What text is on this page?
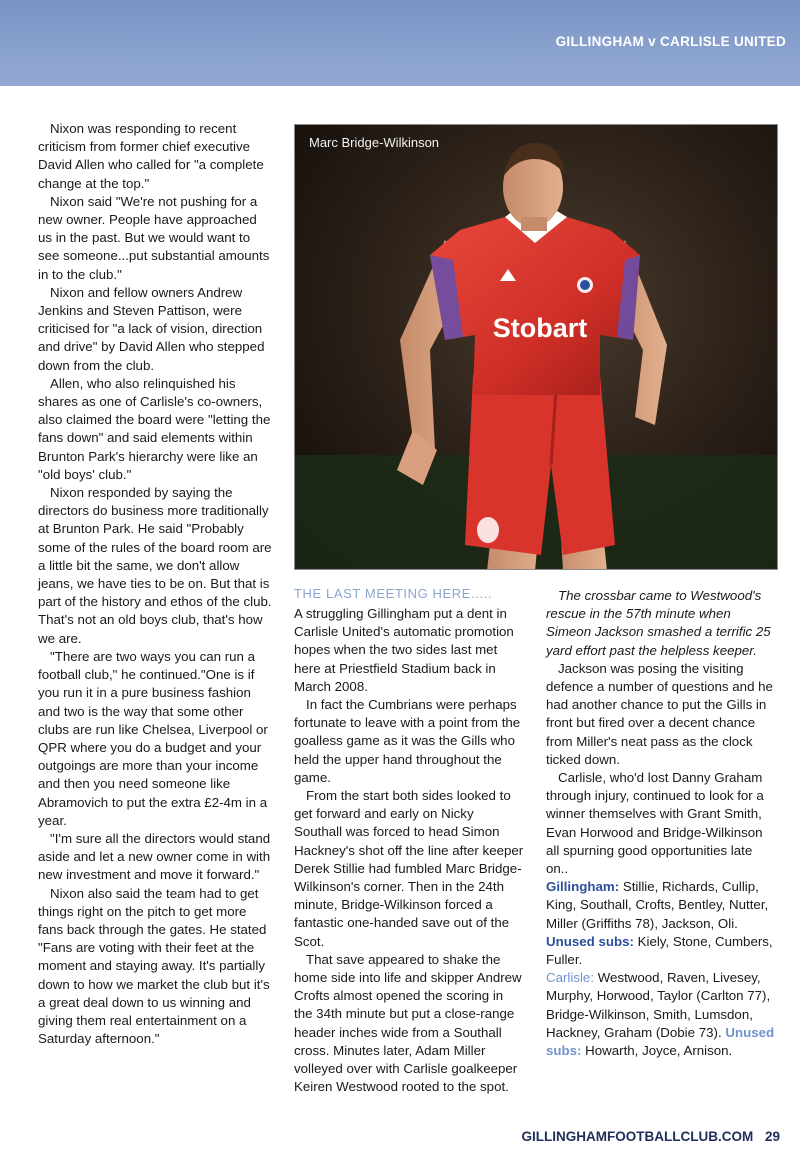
GILLINGHAM v CARLISLE UNITED

Nixon was responding to recent criticism from former chief executive David Allen who called for "a complete change at the top."

Nixon said "We're not pushing for a new owner. People have approached us in the past. But we would want to see someone...put substantial amounts in to the club."

Nixon and fellow owners Andrew Jenkins and Steven Pattison, were criticised for "a lack of vision, direction and drive" by David Allen who stepped down from the club.

Allen, who also relinquished his shares as one of Carlisle's co-owners, also claimed the board were "letting the fans down" and said elements within Brunton Park's hierarchy were like an "old boys' club."

Nixon responded by saying the directors do business more traditionally at Brunton Park. He said "Probably some of the rules of the board room are a little bit the same, we don't allow jeans, we have ties to be on. But that is part of the history and ethos of the club. That's not an old boys club, that's how we are.

"There are two ways you can run a football club," he continued."One is if you run it in a pure business fashion and two is the way that some other clubs are run like Chelsea, Liverpool or QPR where you do a budget and your outgoings are more than your income and then you need someone like Abramovich to put the extra £2-4m in a year.

"I'm sure all the directors would stand aside and let a new owner come in with new investment and move it forward."

Nixon also said the team had to get things right on the pitch to get more fans back through the gates. He stated "Fans are voting with their feet at the moment and staying away. It's partially down to how we market the club but it's a great deal down to us winning and giving them real entertainment on a Saturday afternoon."

Stobart
Marc Bridge-Wilkinson
THE LAST MEETING HERE.....

A struggling Gillingham put a dent in Carlisle United's automatic promotion hopes when the two sides last met here at Priestfield Stadium back in March 2008.

In fact the Cumbrians were perhaps fortunate to leave with a point from the goalless game as it was the Gills who held the upper hand throughout the game.

From the start both sides looked to get forward and early on Nicky Southall was forced to head Simon Hackney's shot off the line after keeper Derek Stillie had fumbled Marc Bridge-Wilkinson's corner. Then in the 24th minute, Bridge-Wilkinson forced a fantastic one-handed save out of the Scot.

That save appeared to shake the home side into life and skipper Andrew Crofts almost opened the scoring in the 34th minute but put a close-range header inches wide from a Southall cross. Minutes later, Adam Miller volleyed over with Carlisle goalkeeper Keiren Westwood rooted to the spot.

The crossbar came to Westwood's rescue in the 57th minute when Simeon Jackson smashed a terrific 25 yard effort past the helpless keeper.

Jackson was posing the visiting defence a number of questions and he had another chance to put the Gills in front but fired over a decent chance from Miller's neat pass as the clock ticked down.

Carlisle, who'd lost Danny Graham through injury, continued to look for a winner themselves with Grant Smith, Evan Horwood and Bridge-Wilkinson all spurning good opportunities late on..

Gillingham: Stillie, Richards, Cullip, King, Southall, Crofts, Bentley, Nutter, Miller (Griffiths 78), Jackson, Oli. Unused subs: Kiely, Stone, Cumbers, Fuller.

Carlisle: Westwood, Raven, Livesey, Murphy, Horwood, Taylor (Carlton 77), Bridge-Wilkinson, Smith, Lumsdon, Hackney, Graham (Dobie 73). Unused subs: Howarth, Joyce, Arnison.

GILLINGHAMFOOTBALLCLUB.COM 29
